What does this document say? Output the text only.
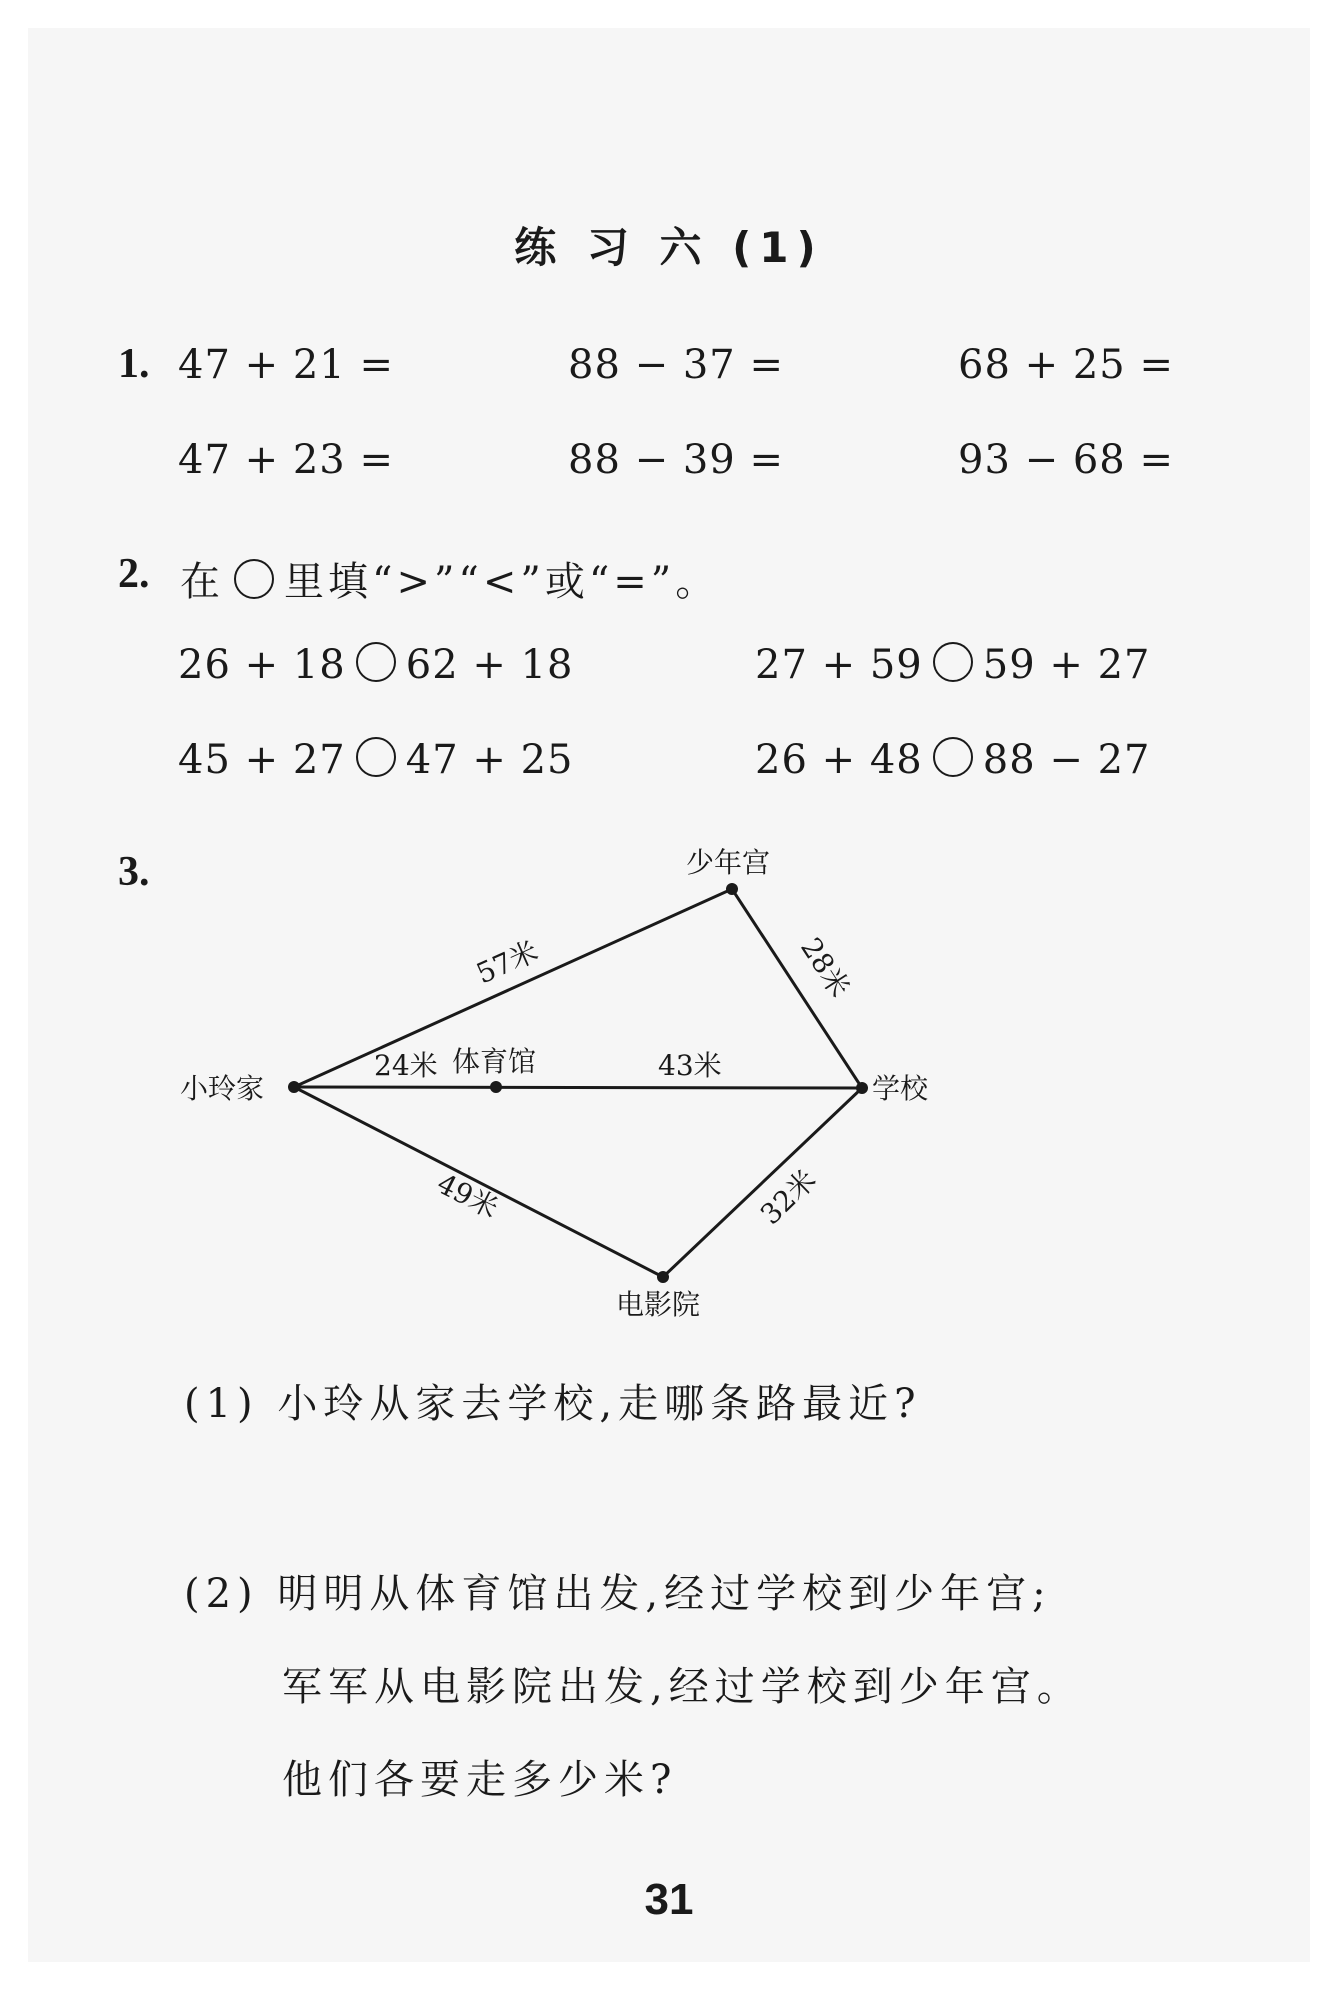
练 习 六 (1)
1. 47 + 21 =	88 − 37 =	68 + 25 =
47 + 23 =	88 − 39 =	93 − 68 =
2. 在 里填“>”“<”或“=”。
26 + 18 62 + 18	27 + 59 59 + 27
45 + 27 47 + 25	26 + 48 88 − 27
3.
小玲家
少年宫
体育馆
学校
电影院
57米	28米
24米	43米
49米	32米
(1) 小玲从家去学校,走哪条路最近?
(2) 明明从体育馆出发,经过学校到少年宫;
军军从电影院出发,经过学校到少年宫。
他们各要走多少米?
31
